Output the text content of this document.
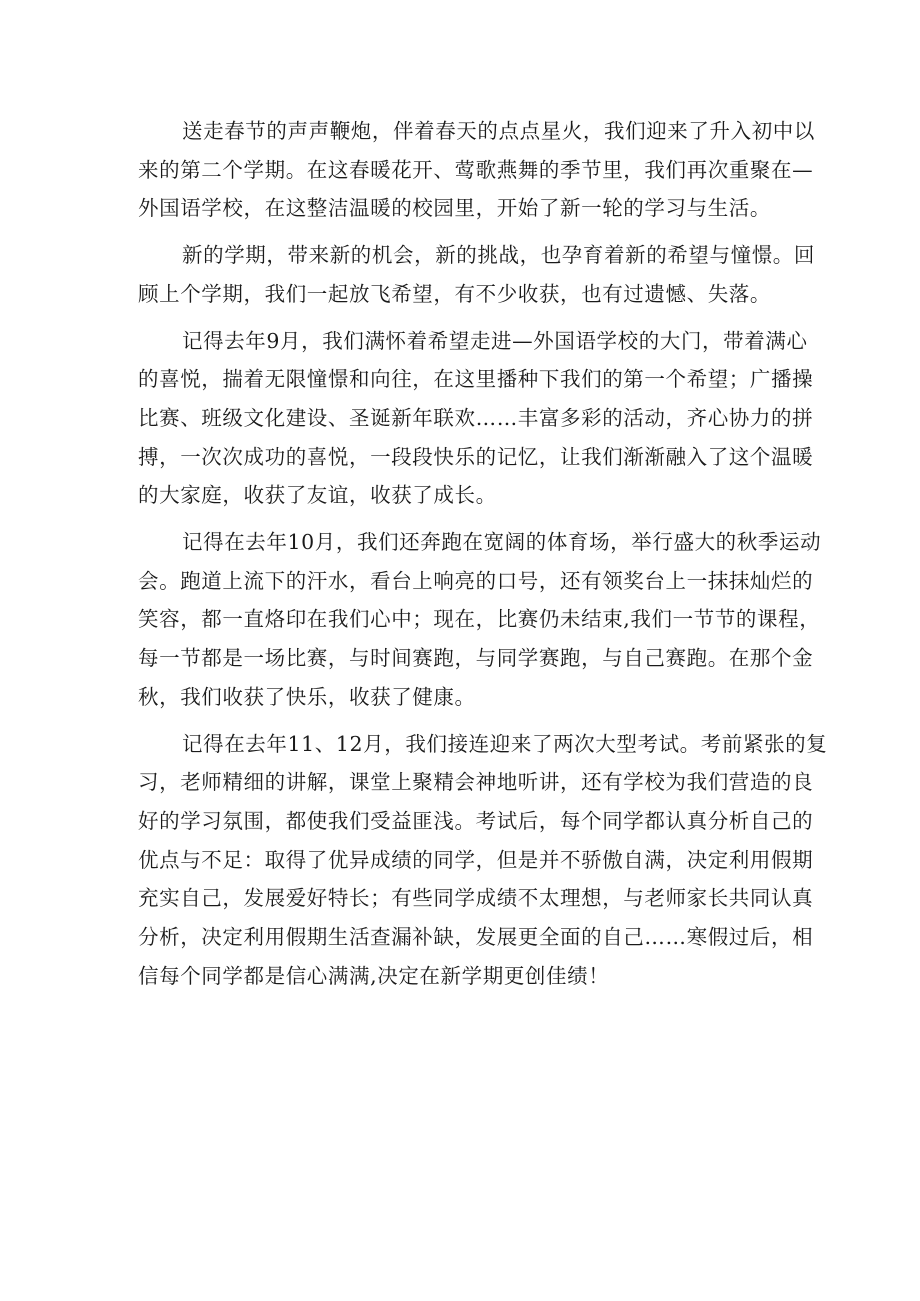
送走春节的声声鞭炮，伴着春天的点点星火，我们迎来了升入初中以
来的第二个学期。在这春暖花开、莺歌燕舞的季节里，我们再次重聚在—
外国语学校，在这整洁温暖的校园里，开始了新一轮的学习与生活。

新的学期，带来新的机会，新的挑战，也孕育着新的希望与憧憬。回
顾上个学期，我们一起放飞希望，有不少收获，也有过遗憾、失落。

记得去年9月，我们满怀着希望走进—外国语学校的大门，带着满心
的喜悦，揣着无限憧憬和向往，在这里播种下我们的第一个希望；广播操
比赛、班级文化建设、圣诞新年联欢……丰富多彩的活动，齐心协力的拼
搏，一次次成功的喜悦，一段段快乐的记忆，让我们渐渐融入了这个温暖
的大家庭，收获了友谊，收获了成长。

记得在去年10月，我们还奔跑在宽阔的体育场，举行盛大的秋季运动
会。跑道上流下的汗水，看台上响亮的口号，还有领奖台上一抹抹灿烂的
笑容，都一直烙印在我们心中；现在，比赛仍未结束,我们一节节的课程，
每一节都是一场比赛，与时间赛跑，与同学赛跑，与自己赛跑。在那个金
秋，我们收获了快乐，收获了健康。

记得在去年11、12月，我们接连迎来了两次大型考试。考前紧张的复
习，老师精细的讲解，课堂上聚精会神地听讲，还有学校为我们营造的良
好的学习氛围，都使我们受益匪浅。考试后，每个同学都认真分析自己的
优点与不足：取得了优异成绩的同学，但是并不骄傲自满，决定利用假期
充实自己，发展爱好特长；有些同学成绩不太理想，与老师家长共同认真
分析，决定利用假期生活查漏补缺，发展更全面的自己……寒假过后，相
信每个同学都是信心满满,决定在新学期更创佳绩！
